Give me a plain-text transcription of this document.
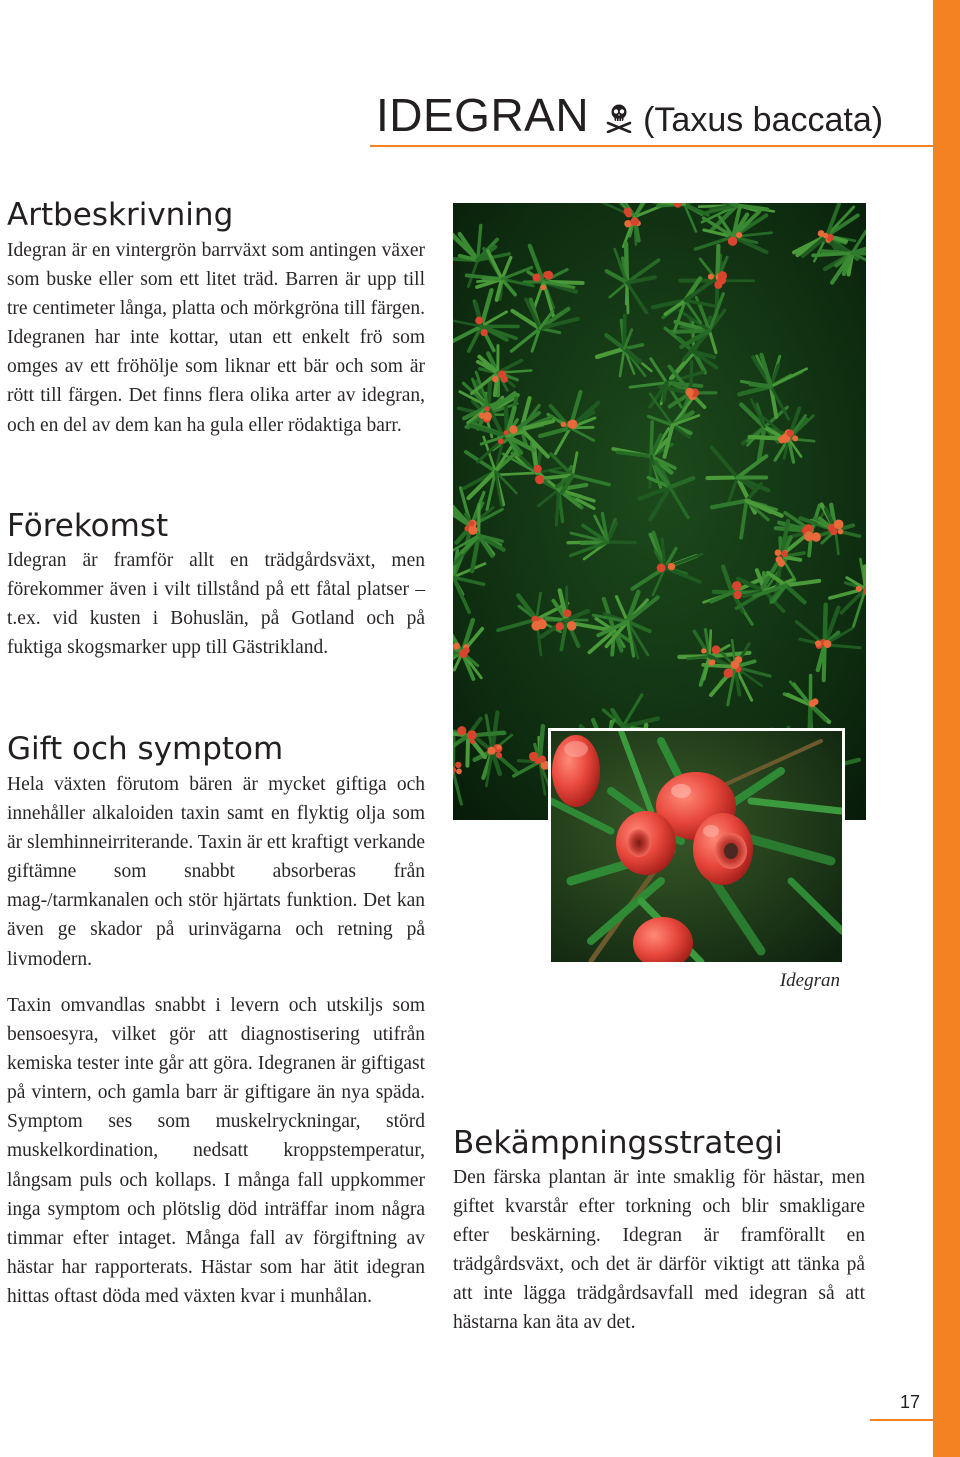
IDEGRAN (Taxus baccata)
Artbeskrivning

Idegran är en vintergrön barrväxt som antingen växer som buske eller som ett litet träd. Barren är upp till tre centimeter långa, platta och mörkgröna till färgen. Idegranen har inte kottar, utan ett enkelt frö som omges av ett fröhölje som liknar ett bär och som är rött till färgen. Det finns flera olika arter av idegran, och en del av dem kan ha gula eller rödaktiga barr.

Förekomst

Idegran är framför allt en trädgårdsväxt, men förekommer även i vilt tillstånd på ett fåtal platser – t.ex. vid kusten i Bohuslän, på Gotland och på fuktiga skogsmarker upp till Gästrikland.

Gift och symptom

Hela växten förutom bären är mycket giftiga och innehåller alkaloiden taxin samt en flyktig olja som är slemhinneirriterande. Taxin är ett kraftigt verkande giftämne som snabbt absorberas från mag-/tarmkanalen och stör hjärtats funktion. Det kan även ge skador på urinvägarna och retning på livmodern.

Taxin omvandlas snabbt i levern och utskiljs som bensoesyra, vilket gör att diagnostisering utifrån kemiska tester inte går att göra. Idegranen är giftigast på vintern, och gamla barr är giftigare än nya späda. Symptom ses som muskelryckningar, störd muskelkordination, nedsatt kroppstemperatur, långsam puls och kollaps. I många fall uppkommer inga symptom och plötslig död inträffar inom några timmar efter intaget. Många fall av förgiftning av hästar har rapporterats. Hästar som har ätit idegran hittas oftast döda med växten kvar i munhålan.

Idegran
Bekämpningsstrategi

Den färska plantan är inte smaklig för hästar, men giftet kvarstår efter torkning och blir smakligare efter beskärning. Idegran är framförallt en trädgårdsväxt, och det är därför viktigt att tänka på att inte lägga trädgårdsavfall med idegran så att hästarna kan äta av det.

17
